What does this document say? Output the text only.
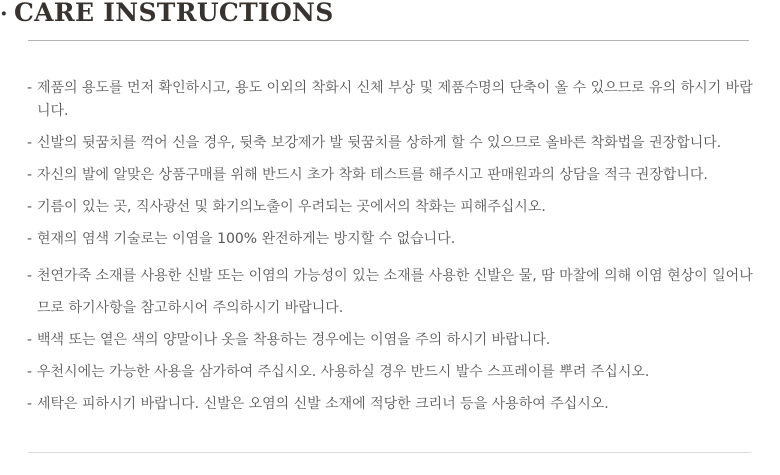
· CARE INSTRUCTIONS
- 제품의 용도를 먼저 확인하시고, 용도 이외의 착화시 신체 부상 및 제품수명의 단축이 올 수 있으므로 유의 하시기 바랍니다.
- 신발의 뒷꿈치를 꺽어 신을 경우, 뒷축 보강제가 발 뒷꿈치를 상하게 할 수 있으므로 올바른 착화법을 권장합니다.
- 자신의 발에 알맞은 상품구매를 위해 반드시 초가 착화 테스트를 해주시고 판매원과의 상담을 적극 권장합니다.
- 기름이 있는 곳, 직사광선 및 화기의노출이 우려되는 곳에서의 착화는 피해주십시오.
- 현재의 염색 기술로는 이염을 100% 완전하게는 방지할 수 없습니다.
- 천연가죽 소재를 사용한 신발 또는 이염의 가능성이 있는 소재를 사용한 신발은 물, 땀 마찰에 의해 이염 현상이 일어나므로 하기사항을 참고하시어 주의하시기 바랍니다.
- 백색 또는 옅은 색의 양말이나 옷을 착용하는 경우에는 이염을 주의 하시기 바랍니다.
- 우천시에는 가능한 사용을 삼가하여 주십시오. 사용하실 경우 반드시 발수 스프레이를 뿌려 주십시오.
- 세탁은 피하시기 바랍니다. 신발은 오염의 신발 소재에 적당한 크리너 등을 사용하여 주십시오.
